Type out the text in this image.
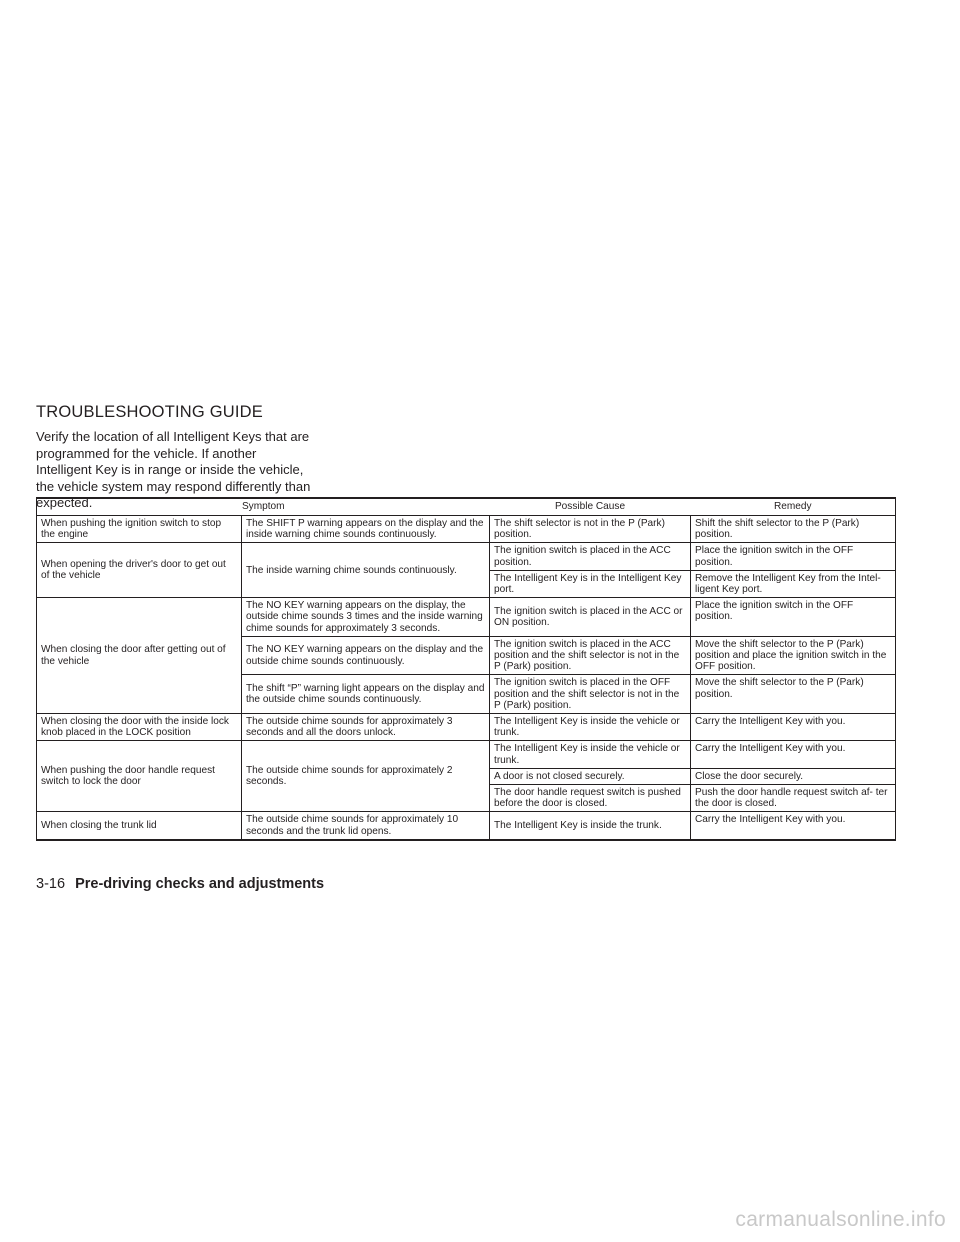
TROUBLESHOOTING GUIDE
Verify the location of all Intelligent Keys that are programmed for the vehicle. If another Intelligent Key is in range or inside the vehicle, the vehicle system may respond differently than expected.	Symptom		Possible Cause	Remedy
When pushing the ignition switch to stop the engine	The SHIFT P warning appears on the display and the inside warning chime sounds continuously.	The shift selector is not in the P (Park) position.	Shift the shift selector to the P (Park) position.
When opening the driver's door to get out of the vehicle	The inside warning chime sounds continuously.	The ignition switch is placed in the ACC position.	Place the ignition switch in the OFF position.
		The Intelligent Key is in the Intelligent Key port.	Remove the Intelligent Key from the Intel- ligent Key port.
When closing the door after getting out of the vehicle	The NO KEY warning appears on the display, the outside chime sounds 3 times and the inside warning chime sounds for approximately 3 seconds.	The ignition switch is placed in the ACC or ON position.	Place the ignition switch in the OFF position.
	The NO KEY warning appears on the display and the outside chime sounds continuously.	The ignition switch is placed in the ACC position and the shift selector is not in the P (Park) position.	Move the shift selector to the P (Park) position and place the ignition switch in the OFF position.
	The shift “P” warning light appears on the display and the outside chime sounds continuously.	The ignition switch is placed in the OFF position and the shift selector is not in the P (Park) position.	Move the shift selector to the P (Park) position.
When closing the door with the inside lock knob placed in the LOCK position	The outside chime sounds for approximately 3 seconds and all the doors unlock.	The Intelligent Key is inside the vehicle or trunk.	Carry the Intelligent Key with you.
When pushing the door handle request switch to lock the door	The outside chime sounds for approximately 2 seconds.	The Intelligent Key is inside the vehicle or trunk.	Carry the Intelligent Key with you.
		A door is not closed securely.	Close the door securely.
		The door handle request switch is pushed before the door is closed.	Push the door handle request switch af- ter the door is closed.
When closing the trunk lid	The outside chime sounds for approximately 10 seconds and the trunk lid opens.	The Intelligent Key is inside the trunk.	Carry the Intelligent Key with you.
3-16 Pre-driving checks and adjustments
carmanualsonline.info
